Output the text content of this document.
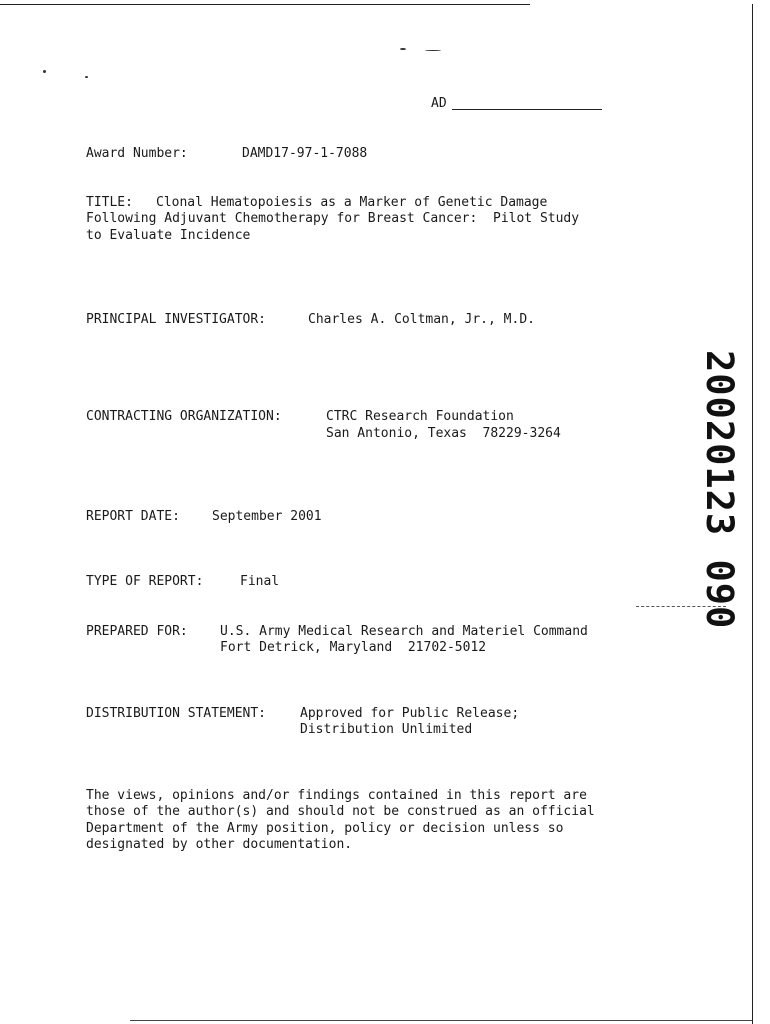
AD
Award Number:	DAMD17-97-1-7088
TITLE: Clonal Hematopoiesis as a Marker of Genetic Damage
Following Adjuvant Chemotherapy for Breast Cancer:  Pilot Study
to Evaluate Incidence
PRINCIPAL INVESTIGATOR:	Charles A. Coltman, Jr., M.D.
CONTRACTING ORGANIZATION:	CTRC Research Foundation
San Antonio, Texas  78229-3264
REPORT DATE: September 2001
TYPE OF REPORT:	Final
PREPARED FOR: U.S. Army Medical Research and Materiel Command
Fort Detrick, Maryland  21702-5012
DISTRIBUTION STATEMENT:	Approved for Public Release;
Distribution Unlimited
The views, opinions and/or findings contained in this report are
those of the author(s) and should not be construed as an official
Department of the Army position, policy or decision unless so
designated by other documentation.
20020123 090
